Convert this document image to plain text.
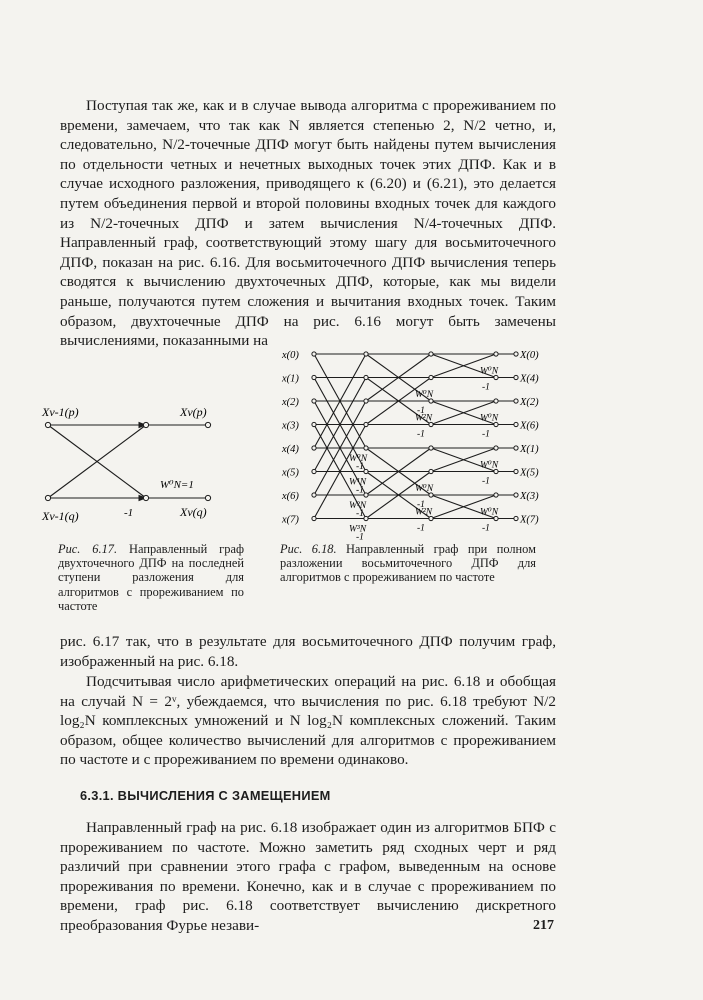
Поступая так же, как и в случае вывода алгоритма с прореживанием по времени, замечаем, что так как N является степенью 2, N/2 четно, и, следовательно, N/2-точечные ДПФ могут быть найдены путем вычисления по отдельности четных и нечетных выходных точек этих ДПФ. Как и в случае исходного разложения, приводящего к (6.20) и (6.21), это делается путем объединения первой и второй половины входных точек для каждого из N/2-точечных ДПФ и затем вычисления N/4-точечных ДПФ. Направленный граф, соответствующий этому шагу для восьмиточечного ДПФ, показан на рис. 6.16. Для восьмиточечного ДПФ вычисления теперь сводятся к вычислению двухточечных ДПФ, которые, как мы видели раньше, получаются путем сложения и вычитания входных точек. Таким образом, двухточечные ДПФ на рис. 6.16 могут быть замечены вычислениями, показанными на

Xν-1(p)
Xν-1(q)
Xν(p)
Xν(q)
W⁰N=1
-1

Рис. 6.17. Направленный граф двухточечного ДПФ на последней ступени разложения для алгоритмов с прореживанием по частоте

x(0)	X(0)
x(1)	X(4)
x(2)	X(2)
x(3)	X(6)
x(4)	X(1)
x(5)	X(5)
x(6)	X(3)
x(7)	X(7)
W⁰N
-1
W¹N
-1
W²N
-1
W³N
-1
W⁰N
-1
W²N
-1
W⁰N
-1
W²N
-1
W⁰N
-1
W⁰N
-1
W⁰N
-1
W⁰N
-1

Рис. 6.18. Направленный граф при полном разложении восьмиточечного ДПФ для алгоритмов с прореживанием по частоте

рис. 6.17 так, что в результате для восьмиточечного ДПФ получим граф, изображенный на рис. 6.18.

Подсчитывая число арифметических операций на рис. 6.18 и обобщая на случай N = 2ᵛ, убеждаемся, что вычисления по рис. 6.18 требуют N/2 log₂N комплексных умножений и N log₂N комплексных сложений. Таким образом, общее количество вычислений для алгоритмов с прореживанием по частоте и с прореживанием по времени одинаково.

6.3.1. ВЫЧИСЛЕНИЯ С ЗАМЕЩЕНИЕМ

Направленный граф на рис. 6.18 изображает один из алгоритмов БПФ с прореживанием по частоте. Можно заметить ряд сходных черт и ряд различий при сравнении этого графа с графом, выведенным на основе прореживания по времени. Конечно, как и в случае с прореживанием по времени, граф рис. 6.18 соответствует вычислению дискретного преобразования Фурье незави-	217
